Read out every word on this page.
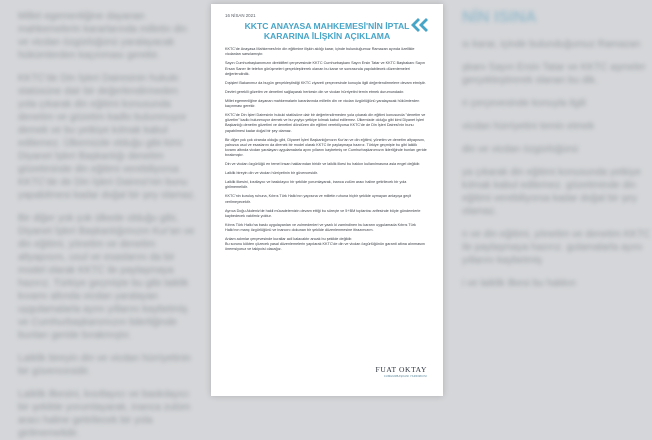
Millet egemenliğine dayanan mahkemelerin kararlarında milletin din ve vicdan özgürlüğünü yaralayacak hükümlerden kaçınması gerekir.

KKTC'de Din İşleri Dairesinin hukuki statüsüne dair bir değerlendirmeden yola çıkarak din eğitimi konusunda denetim ve gözetim kadlo bulunmuyor demek ve bu yetkiye kılmak kabul edilemez. Ülkemizde olduğu gibi kimi Diyanet İşleri Başkanlığı denetim gözetiminde din eğitimi verebiliyorsa KKTC'de de Din İşleri Dairesi'nin bunu yapabilmesi kadar doğal bir şey olamaz.

Bir diğer yok çok ülkede olduğu gibi, Diyanet İşleri Başkanlığımızın Kur'an ve din eğitimi, yönetim ve denetim altyapısını, usul ve esaslarını da bir model olarak KKTC ile paylaşmaya hazırız. Türkiye geçmişte bu gibi laiklik kıvamı altında vicdan yaralayan uygulamalarla ayını yıllarını kaybetmiş ve Cumhurbaşkanımızın liderliğinde bunları geride bırakmıştır.

Laiklik bireyin din ve vicdan hürriyetinin bir güvencesidir.

Laiklik ilkesini, kısıtlayıcı ve baskılayıcı bir şekilde yorumlayarak, inanca zulüm aracı haline getirilecek bir yola girilmemelidir.

NİN ISINA

sı karar, içinde bulunduğumuz Ramazan

şkanı Sayın Ersin Tatar ve KKTC aşmeler gerçekleştirerek olanan bu dik.

ri çerçevesinde konuyla ilgili

vicdan hürriyetini temin etmek

din ve vicdan özgürlüğünü

ya çıkarak din eğitimi konusunda yetkiye kılmak kabul edilemez. gözetiminde din eğitimi verebiliyorsa kadar doğal bir şey olamaz.

n ve din eğitimi, yönetim ve denetim KKTC ile paylaşmaya hazırız. gulamalarla ayını yıllarını kaybetmiş

i ve laiklik ilkesi bu hakkın

16 NİSAN 2021
KKTC ANAYASA MAHKEMESİ'NİN İPTAL KARARINA İLİŞKİN AÇIKLAMA

KKTC'de Anayasa Mahkemesi'nin din eğitimine ilişkin aldığı karar, içinde bulunduğumuz Ramazan ayında özellikle vicdanları sarsılamıştır.

Sayın Cumhurbaşkanımızın direktifleri çerçevesinde KKTC Cumhurbaşkanı Sayın Ersin Tatar ve KKTC Başbakanı Sayın Ersan Saner ile telefon görüşmeleri gerçekleştirerek olanan bu karar ve sonrasında yapılabilecek düzenlemeleri değerlendirdik.

Dışişleri Bakanımız da bugün gerçekleştirdiği KKTC ziyareti çerçevesinde konuyla ilgili değerlendirmelere devam etmiştir.

Devlet gereklli gözetim ve denetimi sağlayarak herkesin din ve vicdan hürriyetini temin etmek durumundadır.

Millet egemenliğine dayanan mahkemalarin kararlarında milletin din ve vicdan özgürlüğünü yaralayacak hükümlerden kaçınması gerekir.

KKTC'de Din İşleri Dairesinin hukuki statüsüne dair bir değerlendirmeden yola çıkarak din eğitimi konusunda "denetim ve gözetim" kadlo bulunmuyor demek ve bu yoyiyo yetkiye kılmak kabul edilemez. Ülkemizde olduğu gibi kimi Diyanet İşleri Başkanlığı denetim gözetimi ve denetimi döndüren din eğitimi verebiliyorsa KKTC'de de Din İşleri Dairesi'nin bunu yapabilmesi kadar doğal bir şey olamaz.

Bir diğer yok çok ciranda olduğu gibi, Diyanet İşleri Başkanlığımızın Kur'an ve din eğitimi, yönetim ve denetim altyapısını, yalnızca usul ve esaslarını da direnek bir model olarak KKTC ile paylaşmaya hazırız. Türkiye geçmişte bu gibi laiklik kıvamı altında vicdan yaralayan uygulamalarla ayını yıllarını kaybetmiş ve Cumhurbaşkanımızın liderliğinde bunları geride bırakmıştır.

Din ve vicdan özgürlüğü en temel insan haklarından biridir ve laiklik ilkesi bu hakkın kullanılmasına asla engel değildir.

Laiklik bireyin din ve vicdan hürriyetinin bir güvencesidir.

Laiklik ilkesini, kısıtlayıcı ve baskılayıcı bir şekilde yorumlayarak, inanca zulüm aracı haline getirilecek bir yola girilmemelidir.

KKTC'nin kuruluş ruhuna, Kıbrıs Türk Halkı'nın yapısına ve milletin ruhuna hiçbir şekilde uymayan anlayışa geçit verilmeyecektir.

Ayrıca Doğu Akdeniz'de hakli mücadelemizin devam ettiği bu süreçte ve 5+BM toplantısı arifesinde böyle gündemlerle kaybedecek vaktimiz yoktur.

Kıbrıs Türk Halkı'na baskı uygulayanları ve zulmedenleri ve yazık ki zamindinen bu kararın uygulamada Kıbrıs Türk Halkı'nın manç özgürlüğünü ve inancını dokunan bir şekilde düzenlenmesine itirazımızım.

Anlam adımlar çerçevesinde kurallar acil kalacaktır ancak bu şekilde değildir.

Bu sorunu kökten çözecek yasal düzenlemelerin yapılarak KKTC'de din ve vicdan özgürlüğünün garanti altına alınmasını önemsiyoruz ve takipcisi olacağız.

FUAT OKTAY
CUMHURBAŞKANI YARDIMCISI
